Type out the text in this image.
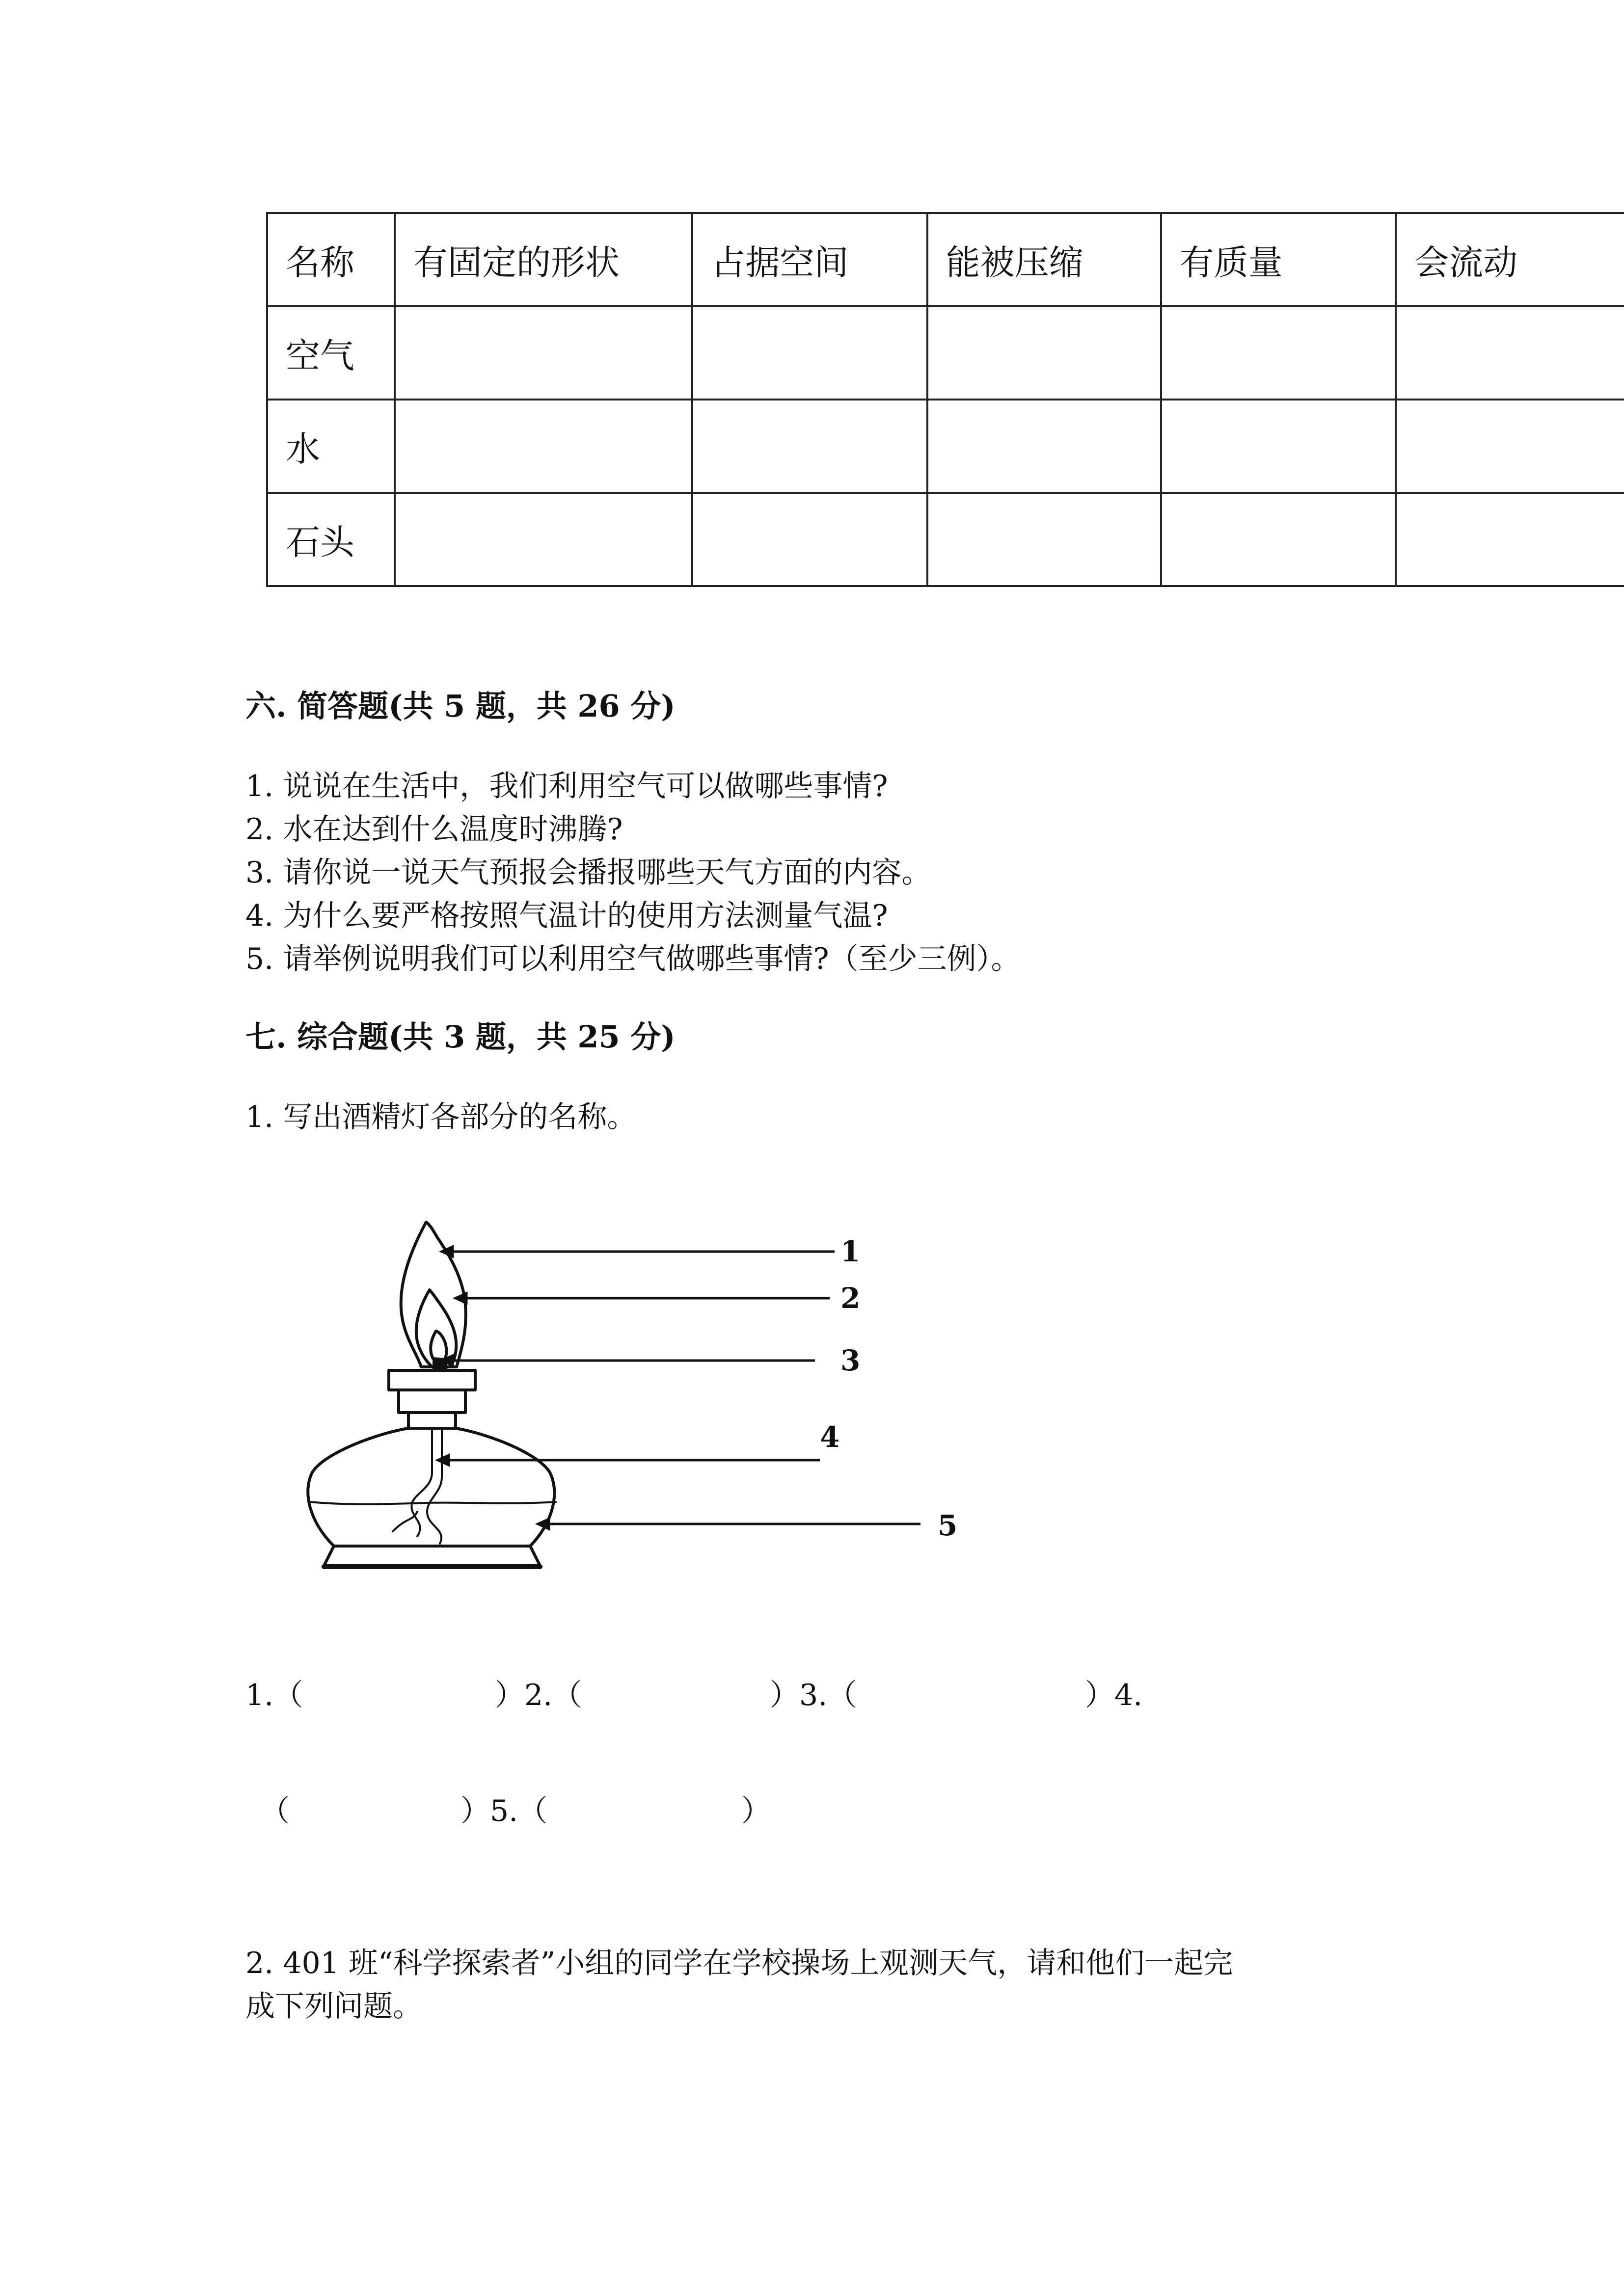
名称	有固定的形状	占据空间	能被压缩	有质量	会流动
空气					
水					
石头					
六. 简答题(共 5 题，共 26 分)
1. 说说在生活中，我们利用空气可以做哪些事情?
2. 水在达到什么温度时沸腾?
3. 请你说一说天气预报会播报哪些天气方面的内容。
4. 为什么要严格按照气温计的使用方法测量气温?
5. 请举例说明我们可以利用空气做哪些事情?（至少三例）。
七. 综合题(共 3 题，共 25 分)
1. 写出酒精灯各部分的名称。
1
2
3
4
5
1.（	）2.（	）3.（	）4.
（	）5.（	）
2. 401 班“科学探索者”小组的同学在学校操场上观测天气，请和他们一起完
成下列问题。
